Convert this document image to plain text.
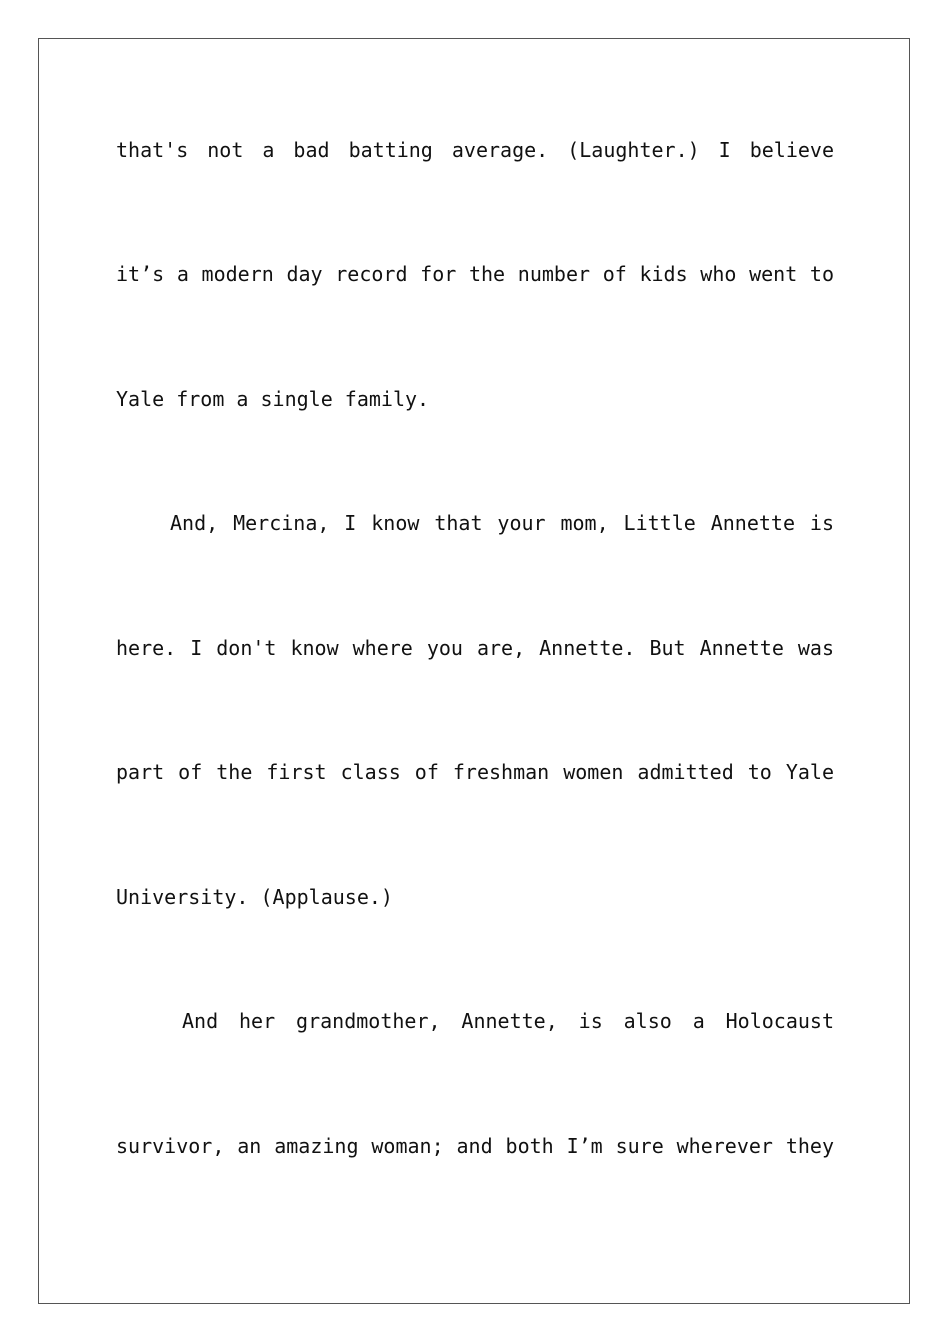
that's not a bad batting average. (Laughter.) I believe
it’s a modern day record for the number of kids who went to
Yale from a single family.
And, Mercina, I know that your mom, Little Annette is
here. I don't know where you are, Annette. But Annette was
part of the first class of freshman women admitted to Yale
University. (Applause.)
And her grandmother, Annette, is also a Holocaust
survivor, an amazing woman; and both I’m sure wherever they
